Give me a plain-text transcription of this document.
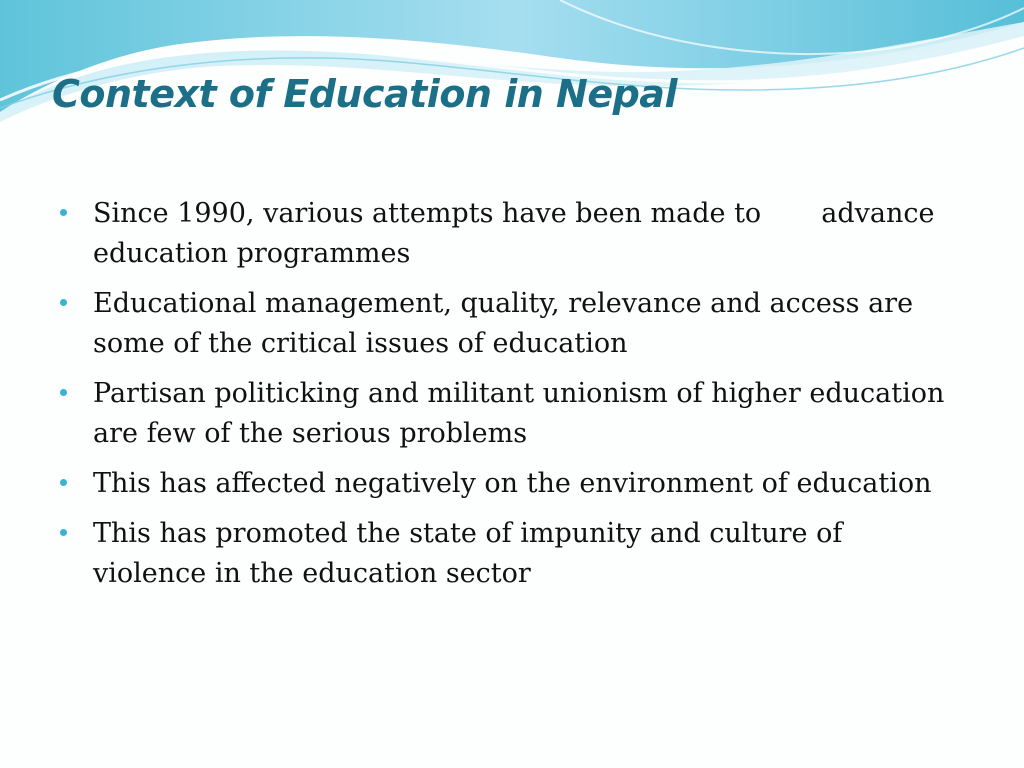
Context of Education in Nepal
Since 1990, various attempts have been made to       advance education programmes
Educational management, quality, relevance and access are some of the critical issues of education
Partisan politicking and militant unionism of higher education are few of the serious problems
This has affected negatively on the environment of education
This has promoted the state of impunity and culture of violence in the education sector
